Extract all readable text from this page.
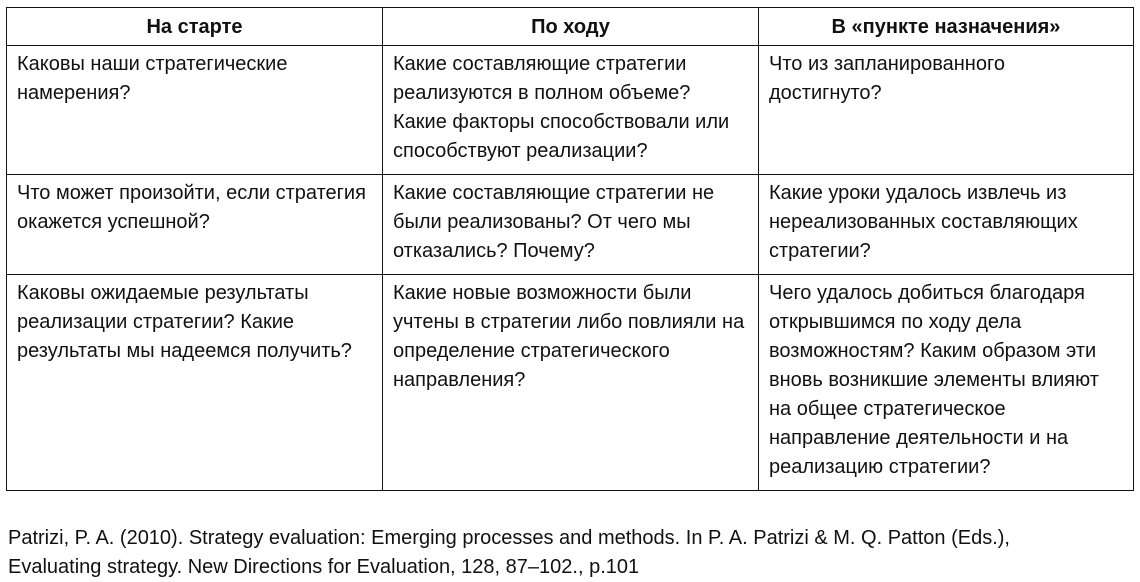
На старте	По ходу	В «пункте назначения»

Каковы наши стратегические намерения?	Какие составляющие стратегии реализуются в полном объеме? Какие факторы способствовали или способствуют реализации?	Что из запланированного достигнуто?

Что может произойти, если стратегия окажется успешной?	Какие составляющие стратегии не были реализованы? От чего мы отказались? Почему?	Какие уроки удалось извлечь из нереализованных составляющих стратегии?

Каковы ожидаемые результаты реализации стратегии? Какие результаты мы надеемся получить?	Какие новые возможности были учтены в стратегии либо повлияли на определение стратегического направления?	Чего удалось добиться благодаря открывшимся по ходу дела возможностям? Каким образом эти вновь возникшие элементы влияют на общее стратегическое направление деятельности и на реализацию стратегии?
Patrizi, P. A. (2010). Strategy evaluation: Emerging processes and methods. In P. A. Patrizi & M. Q. Patton (Eds.),
Evaluating strategy. New Directions for Evaluation, 128, 87–102., p.101
